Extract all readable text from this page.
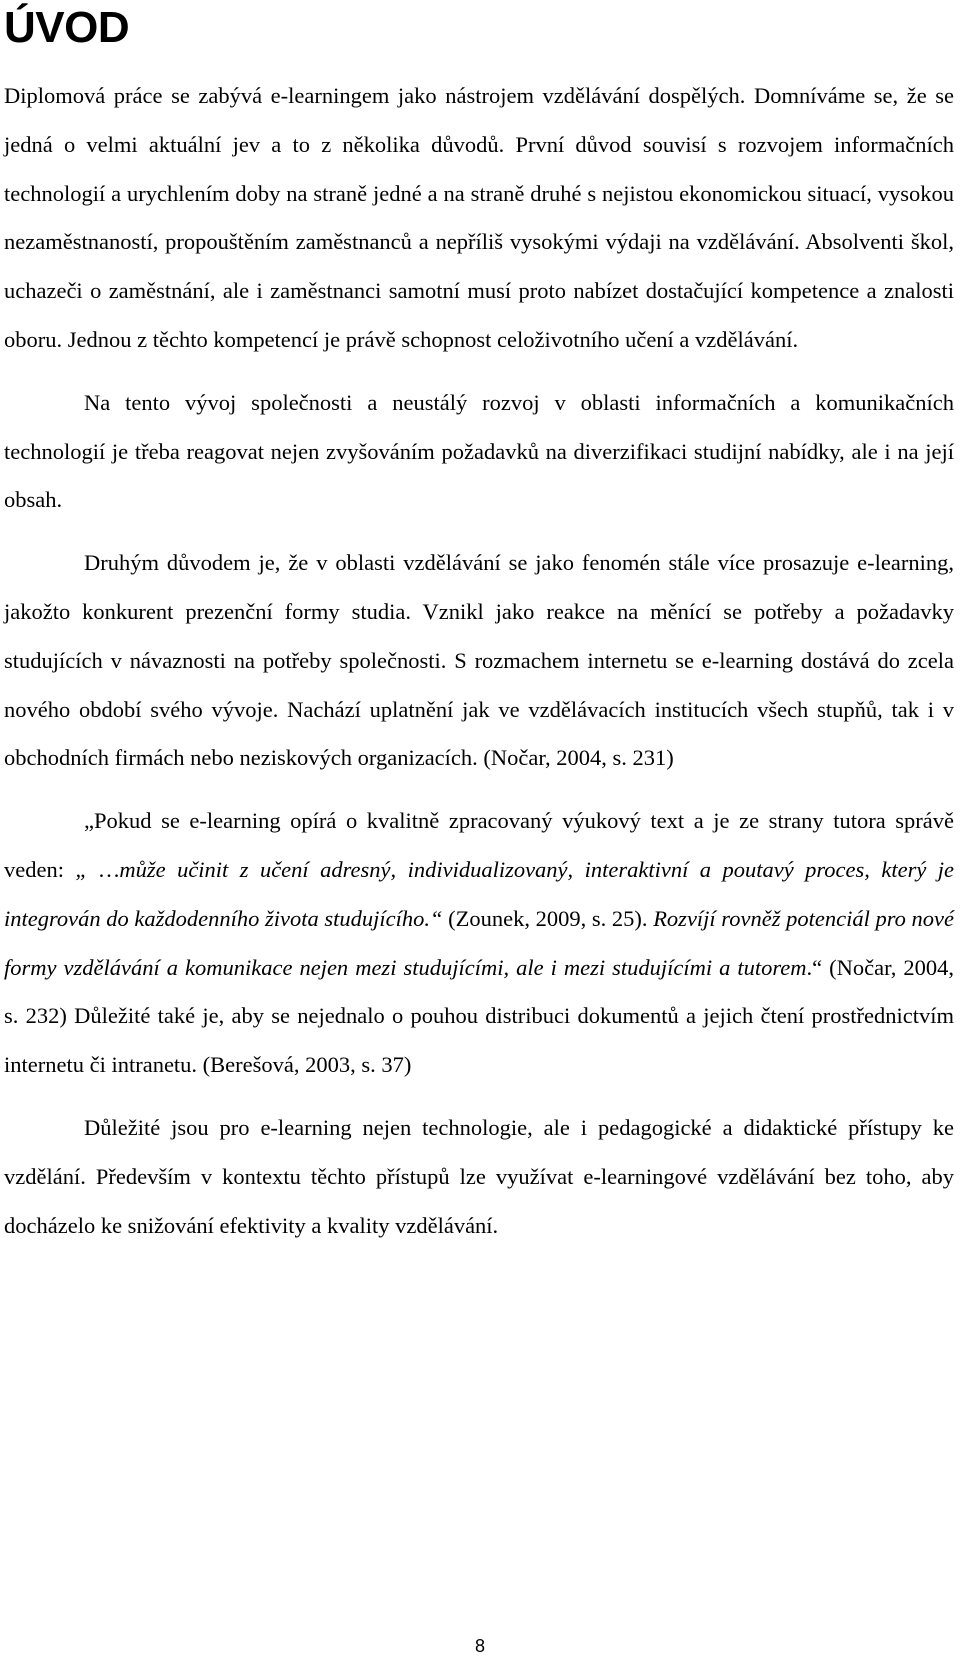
ÚVOD

Diplomová práce se zabývá e-learningem jako nástrojem vzdělávání dospělých. Domníváme se, že se jedná o velmi aktuální jev a to z několika důvodů. První důvod souvisí s rozvojem informačních technologií a urychlením doby na straně jedné a na straně druhé s nejistou ekonomickou situací, vysokou nezaměstnaností, propouštěním zaměstnanců a nepříliš vysokými výdaji na vzdělávání. Absolventi škol, uchazeči o zaměstnání, ale i zaměstnanci samotní musí proto nabízet dostačující kompetence a znalosti oboru. Jednou z těchto kompetencí je právě schopnost celoživotního učení a vzdělávání.

Na tento vývoj společnosti a neustálý rozvoj v oblasti informačních a komunikačních technologií je třeba reagovat nejen zvyšováním požadavků na diverzifikaci studijní nabídky, ale i na její obsah.

Druhým důvodem je, že v oblasti vzdělávání se jako fenomén stále více prosazuje e-learning, jakožto konkurent prezenční formy studia. Vznikl jako reakce na měnící se potřeby a požadavky studujících v návaznosti na potřeby společnosti. S rozmachem internetu se e-learning dostává do zcela nového období svého vývoje. Nachází uplatnění jak ve vzdělávacích institucích všech stupňů, tak i v obchodních firmách nebo neziskových organizacích. (Nočar, 2004, s. 231)

„Pokud se e-learning opírá o kvalitně zpracovaný výukový text a je ze strany tutora správě veden: „ …může učinit z učení adresný, individualizovaný, interaktivní a poutavý proces, který je integrován do každodenního života studujícího.“ (Zounek, 2009, s. 25). Rozvíjí rovněž potenciál pro nové formy vzdělávání a komunikace nejen mezi studujícími, ale i mezi studujícími a tutorem.“ (Nočar, 2004, s. 232) Důležité také je, aby se nejednalo o pouhou distribuci dokumentů a jejich čtení prostřednictvím internetu či intranetu. (Berešová, 2003, s. 37)

Důležité jsou pro e-learning nejen technologie, ale i pedagogické a didaktické přístupy ke vzdělání. Především v kontextu těchto přístupů lze využívat e-learningové vzdělávání bez toho, aby docházelo ke snižování efektivity a kvality vzdělávání.

8
